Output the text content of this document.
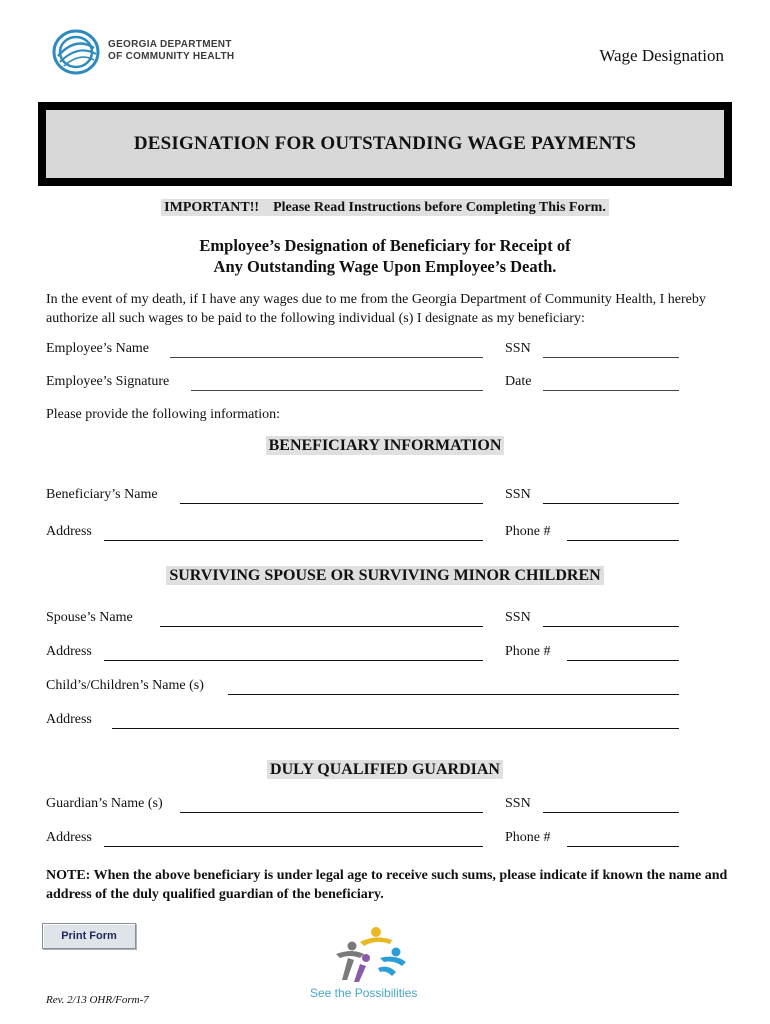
GEORGIA DEPARTMENT
OF COMMUNITY HEALTH	Wage Designation
DESIGNATION FOR OUTSTANDING WAGE PAYMENTS
IMPORTANT!! Please Read Instructions before Completing This Form.
Employee’s Designation of Beneficiary for Receipt of
Any Outstanding Wage Upon Employee’s Death.
In the event of my death, if I have any wages due to me from the Georgia Department of Community Health, I hereby authorize all such wages to be paid to the following individual (s) I designate as my beneficiary:
Employee’s Name	SSN
Employee’s Signature	Date
Please provide the following information:
BENEFICIARY INFORMATION
Beneficiary’s Name	SSN
Address	Phone #
SURVIVING SPOUSE OR SURVIVING MINOR CHILDREN
Spouse’s Name	SSN
Address	Phone #
Child’s/Children’s Name (s)
Address
DULY QUALIFIED GUARDIAN
Guardian’s Name (s)	SSN
Address	Phone #
NOTE: When the above beneficiary is under legal age to receive such sums, please indicate if known the name and address of the duly qualified guardian of the beneficiary.
Print Form
See the Possibilities
Rev. 2/13 OHR/Form-7
